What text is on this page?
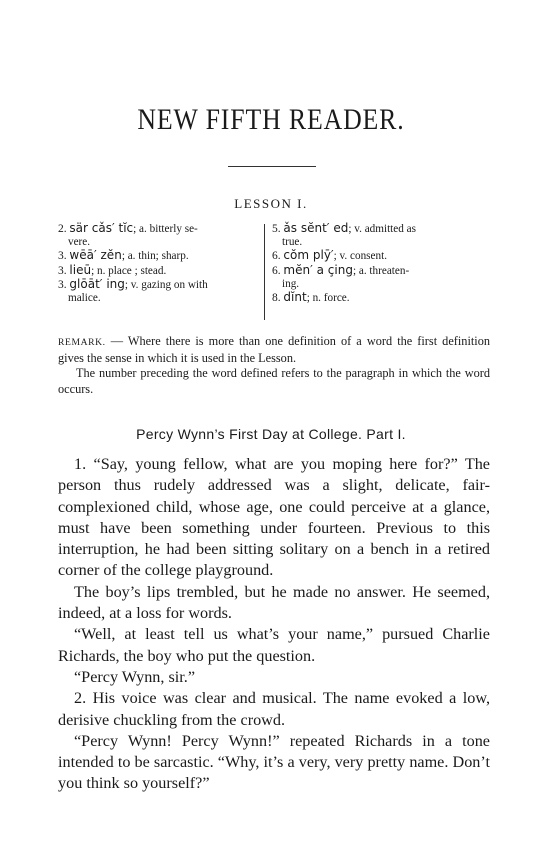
NEW FIFTH READER.
LESSON I.

2. sär cǎs′ tĭc; a. bitterly se-
vere.

3. wēā′ zĕn; a. thin; sharp.

3. lieū; n. place ; stead.

3. glōāt′ ing; v. gazing on with
malice.

5. ǎs sĕnt′ ed; v. admitted as
true.

6. cŏm plȳ′; v. consent.

6. mĕn′ a çing; a. threaten-
ing.

8. dĭnt; n. force.

REMARK. — Where there is more than one definition of a word the first definition gives the sense in which it is used in the Lesson.

The number preceding the word defined refers to the paragraph in which the word occurs.

Percy Wynn’s First Day at College. Part I.

1. “Say, young fellow, what are you moping here for?” The person thus rudely addressed was a slight, delicate, fair-complexioned child, whose age, one could perceive at a glance, must have been something under fourteen. Previous to this interruption, he had been sitting solitary on a bench in a retired corner of the college playground.

The boy’s lips trembled, but he made no answer. He seemed, indeed, at a loss for words.

“Well, at least tell us what’s your name,” pursued Charlie Richards, the boy who put the question.

“Percy Wynn, sir.”

2. His voice was clear and musical. The name evoked a low, derisive chuckling from the crowd.

“Percy Wynn! Percy Wynn!” repeated Richards in a tone intended to be sarcastic. “Why, it’s a very, very pretty name. Don’t you think so yourself?”
